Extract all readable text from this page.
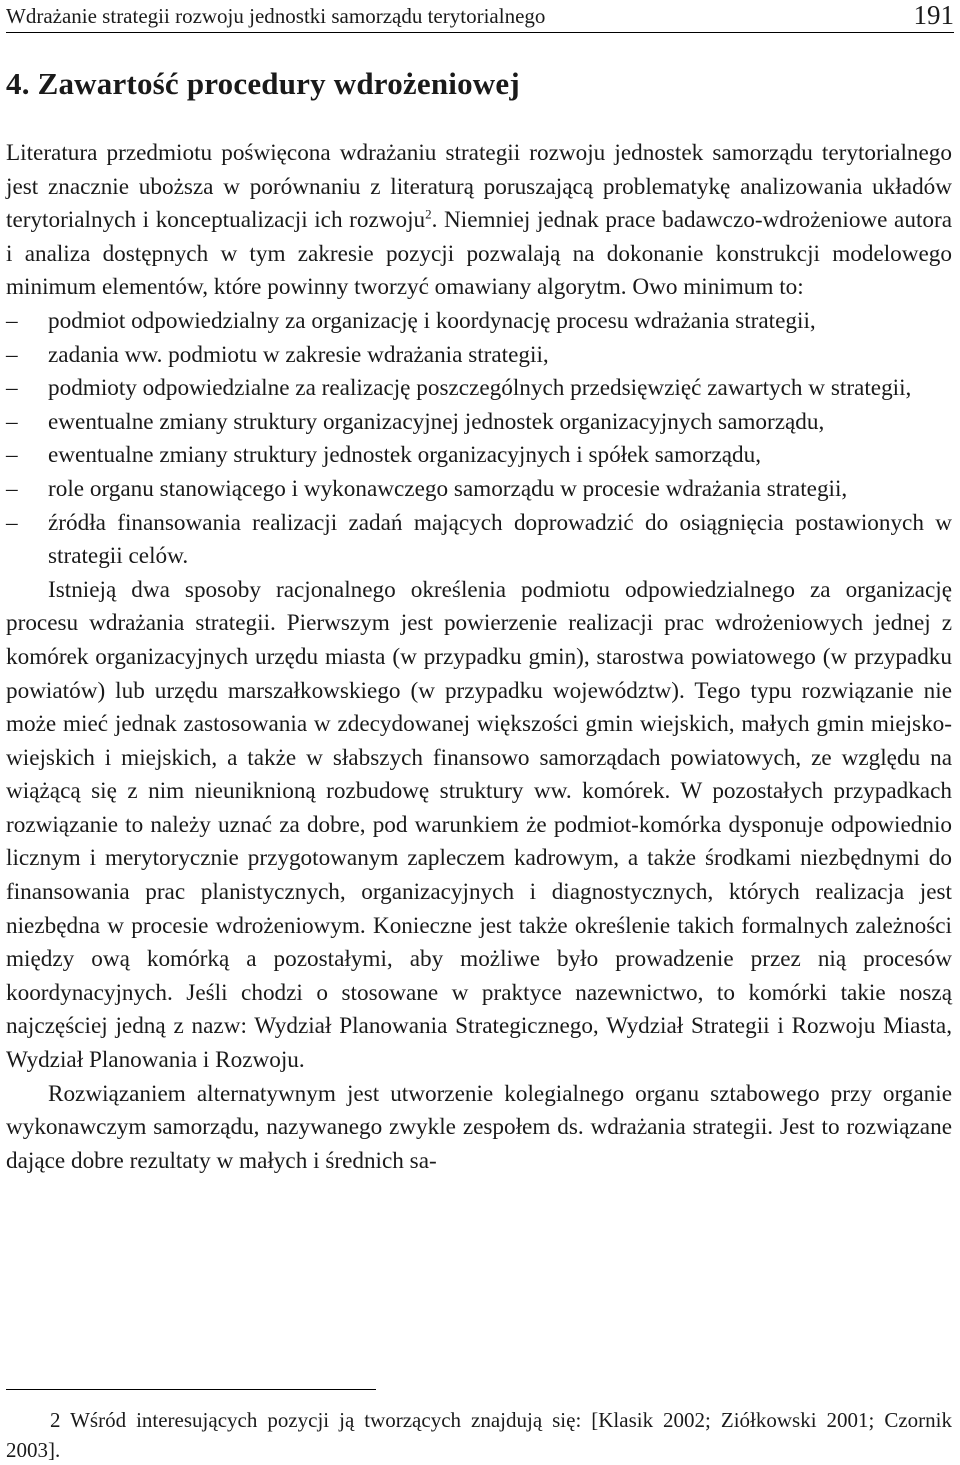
Wdrażanie strategii rozwoju jednostki samorządu terytorialnego	191
4. Zawartość procedury wdrożeniowej

Literatura przedmiotu poświęcona wdrażaniu strategii rozwoju jednostek samorządu terytorialnego jest znacznie uboższa w porównaniu z literaturą poruszającą problematykę analizowania układów terytorialnych i konceptualizacji ich rozwoju$^2$. Niemniej jednak prace badawczo-wdrożeniowe autora i analiza dostępnych w tym zakresie pozycji pozwalają na dokonanie konstrukcji modelowego minimum elementów, które powinny tworzyć omawiany algorytm. Owo minimum to:

–	podmiot odpowiedzialny za organizację i koordynację procesu wdrażania strategii,
–	zadania ww. podmiotu w zakresie wdrażania strategii,
–	podmioty odpowiedzialne za realizację poszczególnych przedsięwzięć zawartych w strategii,
–	ewentualne zmiany struktury organizacyjnej jednostek organizacyjnych samorządu,
–	ewentualne zmiany struktury jednostek organizacyjnych i spółek samorządu,
–	role organu stanowiącego i wykonawczego samorządu w procesie wdrażania strategii,
–	źródła finansowania realizacji zadań mających doprowadzić do osiągnięcia postawionych w strategii celów.

Istnieją dwa sposoby racjonalnego określenia podmiotu odpowiedzialnego za organizację procesu wdrażania strategii. Pierwszym jest powierzenie realizacji prac wdrożeniowych jednej z komórek organizacyjnych urzędu miasta (w przypadku gmin), starostwa powiatowego (w przypadku powiatów) lub urzędu marszałkowskiego (w przypadku województw). Tego typu rozwiązanie nie może mieć jednak zastosowania w zdecydowanej większości gmin wiejskich, małych gmin miejsko-wiejskich i miejskich, a także w słabszych finansowo samorządach powiatowych, ze względu na wiążącą się z nim nieuniknioną rozbudowę struktury ww. komórek. W pozostałych przypadkach rozwiązanie to należy uznać za dobre, pod warunkiem że podmiot-komórka dysponuje odpowiednio licznym i merytorycznie przygotowanym zapleczem kadrowym, a także środkami niezbędnymi do finansowania prac planistycznych, organizacyjnych i diagnostycznych, których realizacja jest niezbędna w procesie wdrożeniowym. Konieczne jest także określenie takich formalnych zależności między ową komórką a pozostałymi, aby możliwe było prowadzenie przez nią procesów koordynacyjnych. Jeśli chodzi o stosowane w praktyce nazewnictwo, to komórki takie noszą najczęściej jedną z nazw: Wydział Planowania Strategicznego, Wydział Strategii i Rozwoju Miasta, Wydział Planowania i Rozwoju.

Rozwiązaniem alternatywnym jest utworzenie kolegialnego organu sztabowego przy organie wykonawczym samorządu, nazywanego zwykle zespołem ds. wdrażania strategii. Jest to rozwiązane dające dobre rezultaty w małych i średnich sa-

2 Wśród interesujących pozycji ją tworzących znajdują się: [Klasik 2002; Ziółkowski 2001; Czornik 2003].
